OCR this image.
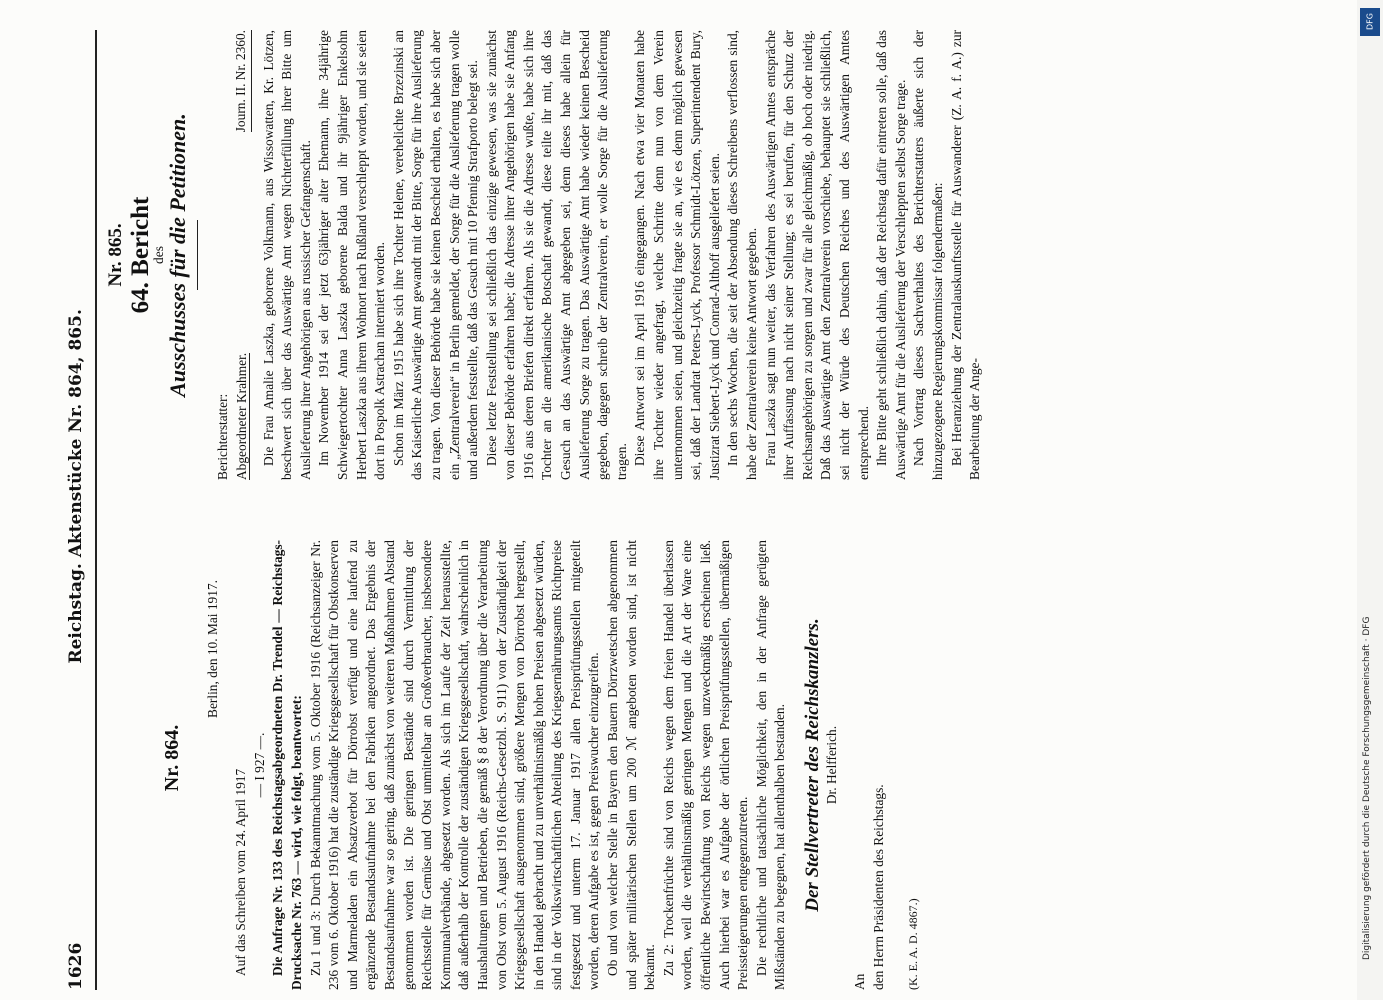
1626
Reichstag. Aktenstücke Nr. 864, 865.

Nr. 864.

Berlin, den 10. Mai 1917.

Auf das Schreiben vom 24. April 1917

— I 927 —. Die Anfrage Nr. 133 des Reichstagsabgeordneten Dr. Trendel — Reichstags-Drucksache Nr. 763 — wird, wie folgt, beantwortet: Zu 1 und 3: Durch Bekanntmachung vom 5. Oktober 1916 (Reichsanzeiger Nr. 236 vom 6. Oktober 1916) hat die zuständige Kriegsgesellschaft für Obstkonserven und Marmeladen ein Absatzverbot für Dörrobst verfügt und eine laufend zu ergänzende Bestandsaufnahme bei den Fabriken angeordnet. Das Ergebnis der Bestandsaufnahme war so gering, daß zunächst von weiteren Maßnahmen Abstand genommen worden ist. Die geringen Bestände sind durch Vermittlung der Reichsstelle für Gemüse und Obst unmittelbar an Großverbraucher, insbesondere Kommunalverbände, abgesetzt worden. Als sich im Laufe der Zeit herausstellte, daß außerhalb der Kontrolle der zuständigen Kriegsgesellschaft, wahrscheinlich in Haushaltungen und Betrieben, die gemäß § 8 der Verordnung über die Verarbeitung von Obst vom 5. August 1916 (Reichs-Gesetzbl. S. 911) von der Zuständigkeit der Kriegsgesellschaft ausgenommen sind, größere Mengen von Dörrobst hergestellt, in den Handel gebracht und zu unverhältnismäßig hohen Preisen abgesetzt würden, sind in der Volkswirtschaftlichen Abteilung des Kriegsernährungsamts Richtpreise festgesetzt und unterm 17. Januar 1917 allen Preisprüfungsstellen mitgeteilt worden, deren Aufgabe es ist, gegen Preiswucher einzugreifen. Ob und von welcher Stelle in Bayern den Bauern Dörrzwetschen abgenommen und später militärischen Stellen um 200 ℳ angeboten worden sind, ist nicht bekannt. Zu 2: Trockenfrüchte sind von Reichs wegen dem freien Handel überlassen worden, weil die verhältnismäßig geringen Mengen und die Art der Ware eine öffentliche Bewirtschaftung von Reichs wegen unzweckmäßig erscheinen ließ. Auch hierbei war es Aufgabe der örtlichen Preisprüfungsstellen, übermäßigen Preissteigerungen entgegenzutreten. Die rechtliche und tatsächliche Möglichkeit, den in der Anfrage gerügten Mißständen zu begegnen, hat allenthalben bestanden. Der Stellvertreter des Reichskanzlers. Dr. Helfferich.

An den Herrn Präsidenten des Reichstags. (K. E. A. D. 4867.)

Nr. 865. 64. Bericht

des

Ausschusses für die Petitionen.

Berichterstatter: Abgeordneter Krahmer.
Journ. II. Nr. 2360. Die Frau Amalie Laszka, geborene Volkmann, aus Wissowatten, Kr. Lötzen, beschwert sich über das Auswärtige Amt wegen Nichterfüllung ihrer Bitte um Auslieferung ihrer Angehörigen aus russischer Gefangenschaft. Im November 1914 sei der jetzt 63jähriger alter Ehemann, ihre 34jährige Schwiegertochter Anna Laszka geborene Balda und ihr 9jähriger Enkelsohn Herbert Laszka aus ihrem Wohnort nach Rußland verschleppt worden, und sie seien dort in Pospolk Astrachan interniert worden. Schon im März 1915 habe sich ihre Tochter Helene, verehelichte Brzezinski an das Kaiserliche Auswärtige Amt gewandt mit der Bitte, Sorge für ihre Auslieferung zu tragen. Von dieser Behörde habe sie keinen Bescheid erhalten, es habe sich aber ein „Zentralverein“ in Berlin gemeldet, der Sorge für die Auslieferung tragen wolle und außerdem feststellte, daß das Gesuch mit 10 Pfennig Strafporto belegt sei. Diese letzte Feststellung sei schließlich das einzige gewesen, was sie zunächst von dieser Behörde erfahren habe; die Adresse ihrer Angehörigen habe sie Anfang 1916 aus deren Briefen direkt erfahren. Als sie die Adresse wußte, habe sich ihre Tochter an die amerikanische Botschaft gewandt, diese teilte ihr mit, daß das Gesuch an das Auswärtige Amt abgegeben sei, denn dieses habe allein für Auslieferung Sorge zu tragen. Das Auswärtige Amt habe wieder keinen Bescheid gegeben, dagegen schreib der Zentralverein, er wolle Sorge für die Auslieferung tragen. Diese Antwort sei im April 1916 eingegangen. Nach etwa vier Monaten habe ihre Tochter wieder angefragt, welche Schritte denn nun von dem Verein unternommen seien, und gleichzeitig fragte sie an, wie es denn möglich gewesen sei, daß der Landrat Peters-Lyck, Professor Schmidt-Lötzen, Superintendent Bury, Justizrat Siebert-Lyck und Conrad-Althoff ausgeliefert seien. In den sechs Wochen, die seit der Absendung dieses Schreibens verflossen sind, habe der Zentralverein keine Antwort gegeben. Frau Laszka sagt nun weiter, das Verfahren des Auswärtigen Amtes entspräche ihrer Auffassung nach nicht seiner Stellung; es sei berufen, für den Schutz der Reichsangehörigen zu sorgen und zwar für alle gleichmäßig, ob hoch oder niedrig. Daß das Auswärtige Amt den Zentralverein vorschiebe, behauptet sie schließlich, sei nicht der Würde des Deutschen Reiches und des Auswärtigen Amtes entsprechend. Ihre Bitte geht schließlich dahin, daß der Reichstag dafür eintreten solle, daß das Auswärtige Amt für die Auslieferung der Verschleppten selbst Sorge trage. Nach Vortrag dieses Sachverhaltes des Berichterstatters äußerte sich der hinzugezogene Regierungskommissar folgendermaßen: Bei Heranziehung der Zentralauskunftsstelle für Auswanderer (Z. A. f. A.) zur Bearbeitung der Ange-

DFG
Digitalisierung gefördert durch die Deutsche Forschungsgemeinschaft · DFG
